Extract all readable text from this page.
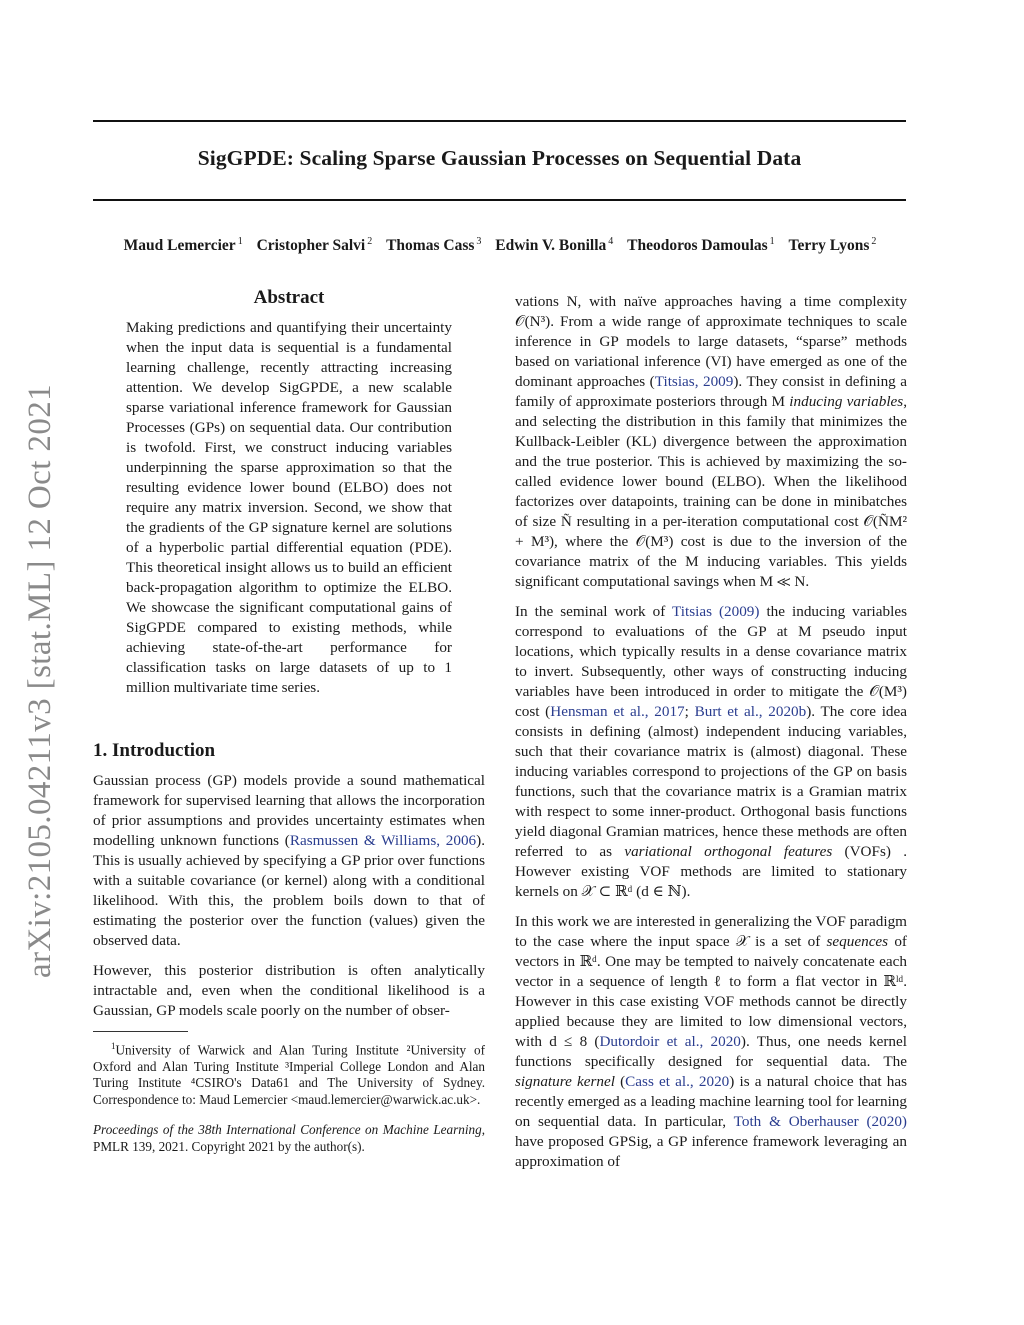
SigGPDE: Scaling Sparse Gaussian Processes on Sequential Data
Maud Lemercier $^1$ Cristopher Salvi $^2$ Thomas Cass $^3$ Edwin V. Bonilla $^4$ Theodoros Damoulas $^1$ Terry Lyons $^2$
arXiv:2105.04211v3 [stat.ML] 12 Oct 2021
Abstract

Making predictions and quantifying their uncertainty when the input data is sequential is a fundamental learning challenge, recently attracting increasing attention. We develop SigGPDE, a new scalable sparse variational inference framework for Gaussian Processes (GPs) on sequential data. Our contribution is twofold. First, we construct inducing variables underpinning the sparse approximation so that the resulting evidence lower bound (ELBO) does not require any matrix inversion. Second, we show that the gradients of the GP signature kernel are solutions of a hyperbolic partial differential equation (PDE). This theoretical insight allows us to build an efficient back-propagation algorithm to optimize the ELBO. We showcase the significant computational gains of SigGPDE compared to existing methods, while achieving state-of-the-art performance for classification tasks on large datasets of up to 1 million multivariate time series.

1. Introduction

Gaussian process (GP) models provide a sound mathematical framework for supervised learning that allows the incorporation of prior assumptions and provides uncertainty estimates when modelling unknown functions (Rasmussen & Williams, 2006). This is usually achieved by specifying a GP prior over functions with a suitable covariance (or kernel) along with a conditional likelihood. With this, the problem boils down to that of estimating the posterior over the function (values) given the observed data.

However, this posterior distribution is often analytically intractable and, even when the conditional likelihood is a Gaussian, GP models scale poorly on the number of obser-

$^1$University of Warwick and Alan Turing Institute ²University of Oxford and Alan Turing Institute ³Imperial College London and Alan Turing Institute ⁴CSIRO's Data61 and The University of Sydney. Correspondence to: Maud Lemercier <maud.lemercier@warwick.ac.uk>.
Proceedings of the 38th International Conference on Machine Learning, PMLR 139, 2021. Copyright 2021 by the author(s).

vations N, with naïve approaches having a time complexity 𝒪(N³). From a wide range of approximate techniques to scale inference in GP models to large datasets, “sparse” methods based on variational inference (VI) have emerged as one of the dominant approaches (Titsias, 2009). They consist in defining a family of approximate posteriors through M inducing variables, and selecting the distribution in this family that minimizes the Kullback-Leibler (KL) divergence between the approximation and the true posterior. This is achieved by maximizing the so-called evidence lower bound (ELBO). When the likelihood factorizes over datapoints, training can be done in minibatches of size Ñ resulting in a per-iteration computational cost 𝒪(ÑM² + M³), where the 𝒪(M³) cost is due to the inversion of the covariance matrix of the M inducing variables. This yields significant computational savings when M ≪ N.

In the seminal work of Titsias (2009) the inducing variables correspond to evaluations of the GP at M pseudo input locations, which typically results in a dense covariance matrix to invert. Subsequently, other ways of constructing inducing variables have been introduced in order to mitigate the 𝒪(M³) cost (Hensman et al., 2017; Burt et al., 2020b). The core idea consists in defining (almost) independent inducing variables, such that their covariance matrix is (almost) diagonal. These inducing variables correspond to projections of the GP on basis functions, such that the covariance matrix is a Gramian matrix with respect to some inner-product. Orthogonal basis functions yield diagonal Gramian matrices, hence these methods are often referred to as variational orthogonal features (VOFs) . However existing VOF methods are limited to stationary kernels on 𝒳 ⊂ ℝᵈ (d ∈ ℕ).

In this work we are interested in generalizing the VOF paradigm to the case where the input space 𝒳 is a set of sequences of vectors in ℝᵈ. One may be tempted to naively concatenate each vector in a sequence of length ℓ to form a flat vector in ℝˡᵈ. However in this case existing VOF methods cannot be directly applied because they are limited to low dimensional vectors, with d ≤ 8 (Dutordoir et al., 2020). Thus, one needs kernel functions specifically designed for sequential data. The signature kernel (Cass et al., 2020) is a natural choice that has recently emerged as a leading machine learning tool for learning on sequential data. In particular, Toth & Oberhauser (2020) have proposed GPSig, a GP inference framework leveraging an approximation of
